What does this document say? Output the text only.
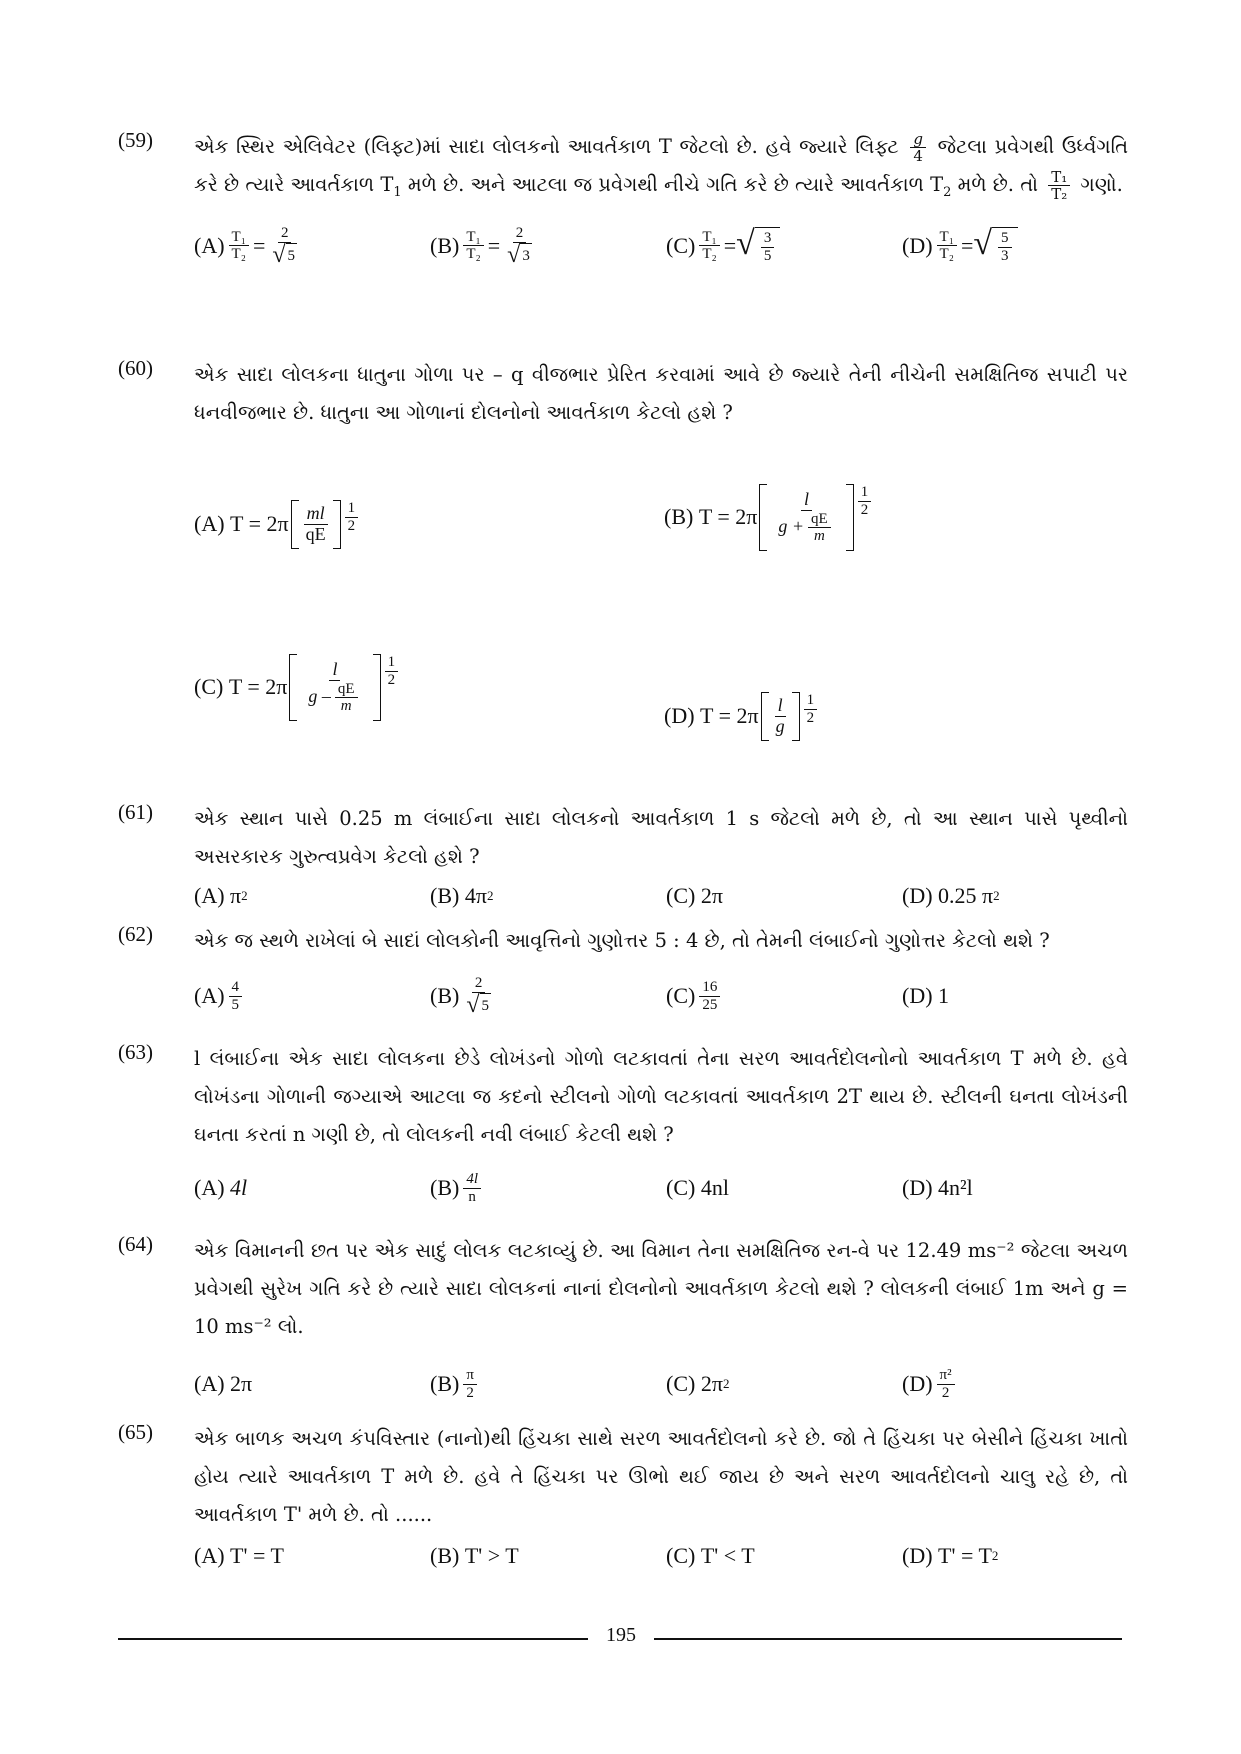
(59) એક સ્થિર એલિવેટર (લિફ્ટ)માં સાદા લોલકનો આવર્તકાળ T જેટલો છે. હવે જ્યારે લિફ્ટ $\frac{g}{4}$ જેટલા પ્રવેગથી ઉર્ધ્વગતિ કરે છે ત્યારે આવર્તકાળ $T_1$ મળે છે. અને આટલા જ પ્રવેગથી નીચે ગતિ કરે છે ત્યારે આવર્તકાળ $T_2$ મળે છે. તો $\frac{\text{T₁}}{\text{T₂}}$ ગણો.
$(A) \frac{\text{T₁}}{\text{T₂}} = \frac{2}{√ 5}$	$(B) \frac{\text{T₁}}{\text{T₂}} = \frac{2}{√ 3}$	$(C) \frac{\text{T₁}}{\text{T₂}}$ = √ $\frac{3}{5}$	$(D) \frac{\text{T₁}}{\text{T₂}}$ = √ $\frac{5}{3}$
(60) એક સાદા લોલકના ધાતુના ગોળા પર – q વીજભાર પ્રેરિત કરવામાં આવે છે જ્યારે તેની નીચેની સમક્ષિતિજ સપાટી પર ધનવીજભાર છે. ધાતુના આ ગોળાનાં દોલનોનો આવર્તકાળ કેટલો હશે ?
(A)
$T = 2\pi \frac{ml}{qE} \frac{1}{2}$	(B)
$T = 2\pi \frac{l}{g + \frac{qE}{m}} \frac{1}{2}$
(C)
$T = 2\pi \frac{l}{g - \frac{qE}{m}} \frac{1}{2}$
(D)
$T = 2\pi \frac{l}{g} \frac{1}{2}$
(61) એક સ્થાન પાસે 0.25 m લંબાઈના સાદા લોલકનો આવર્તકાળ 1 s જેટલો મળે છે, તો આ સ્થાન પાસે પૃથ્વીનો અસરકારક ગુરુત્વપ્રવેગ કેટલો હશે ?
(A)
π 2	(B)
4π 2	(C)
2π	(D)
0.25 π 2
(62) એક જ સ્થળે રાખેલાં બે સાદાં લોલકોની આવૃત્તિનો ગુણોત્તર 5 : 4 છે, તો તેમની લંબાઈનો ગુણોત્તર કેટલો થશે ?
$(A) \frac{4}{5}$	$(B) \frac{2}{√ 5}$	$(C) \frac{16}{25}$	(D)
1
(63) l લંબાઈના એક સાદા લોલકના છેડે લોખંડનો ગોળો લટકાવતાં તેના સરળ આવર્તદોલનોનો આવર્તકાળ T મળે છે. હવે લોખંડના ગોળાની જગ્યાએ આટલા જ કદનો સ્ટીલનો ગોળો લટકાવતાં આવર્તકાળ 2T થાય છે. સ્ટીલની ઘનતા લોખંડની ઘનતા કરતાં n ગણી છે, તો લોલકની નવી લંબાઈ કેટલી થશે ?
(A)
4l	$(B) \frac{4l}{n}$	(C)
4nl	(D)
4n²l
(64) એક વિમાનની છત પર એક સાદું લોલક લટકાવ્યું છે. આ વિમાન તેના સમક્ષિતિજ રન-વે પર 12.49 ms⁻² જેટલા અચળ પ્રવેગથી સુરેખ ગતિ કરે છે ત્યારે સાદા લોલકનાં નાનાં દોલનોનો આવર્તકાળ કેટલો થશે ? લોલકની લંબાઈ 1m અને g = 10 ms⁻² લો.
(A)
2π	$(B) \frac{\pi}{2}$	(C)
2π 2	$(D) \frac{\text{π²}}{2}$
(65) એક બાળક અચળ કંપવિસ્તાર (નાનો)થી હિંચકા સાથે સરળ આવર્તદોલનો કરે છે. જો તે હિંચકા પર બેસીને હિંચકા ખાતો હોય ત્યારે આવર્તકાળ T મળે છે. હવે તે હિંચકા પર ઊભો થઈ જાય છે અને સરળ આવર્તદોલનો ચાલુ રહે છે, તો આવર્તકાળ T' મળે છે. તો ......
(A)
T' = T	(B)
T' > T	(C)
T' < T	(D)
T' = T 2
195
